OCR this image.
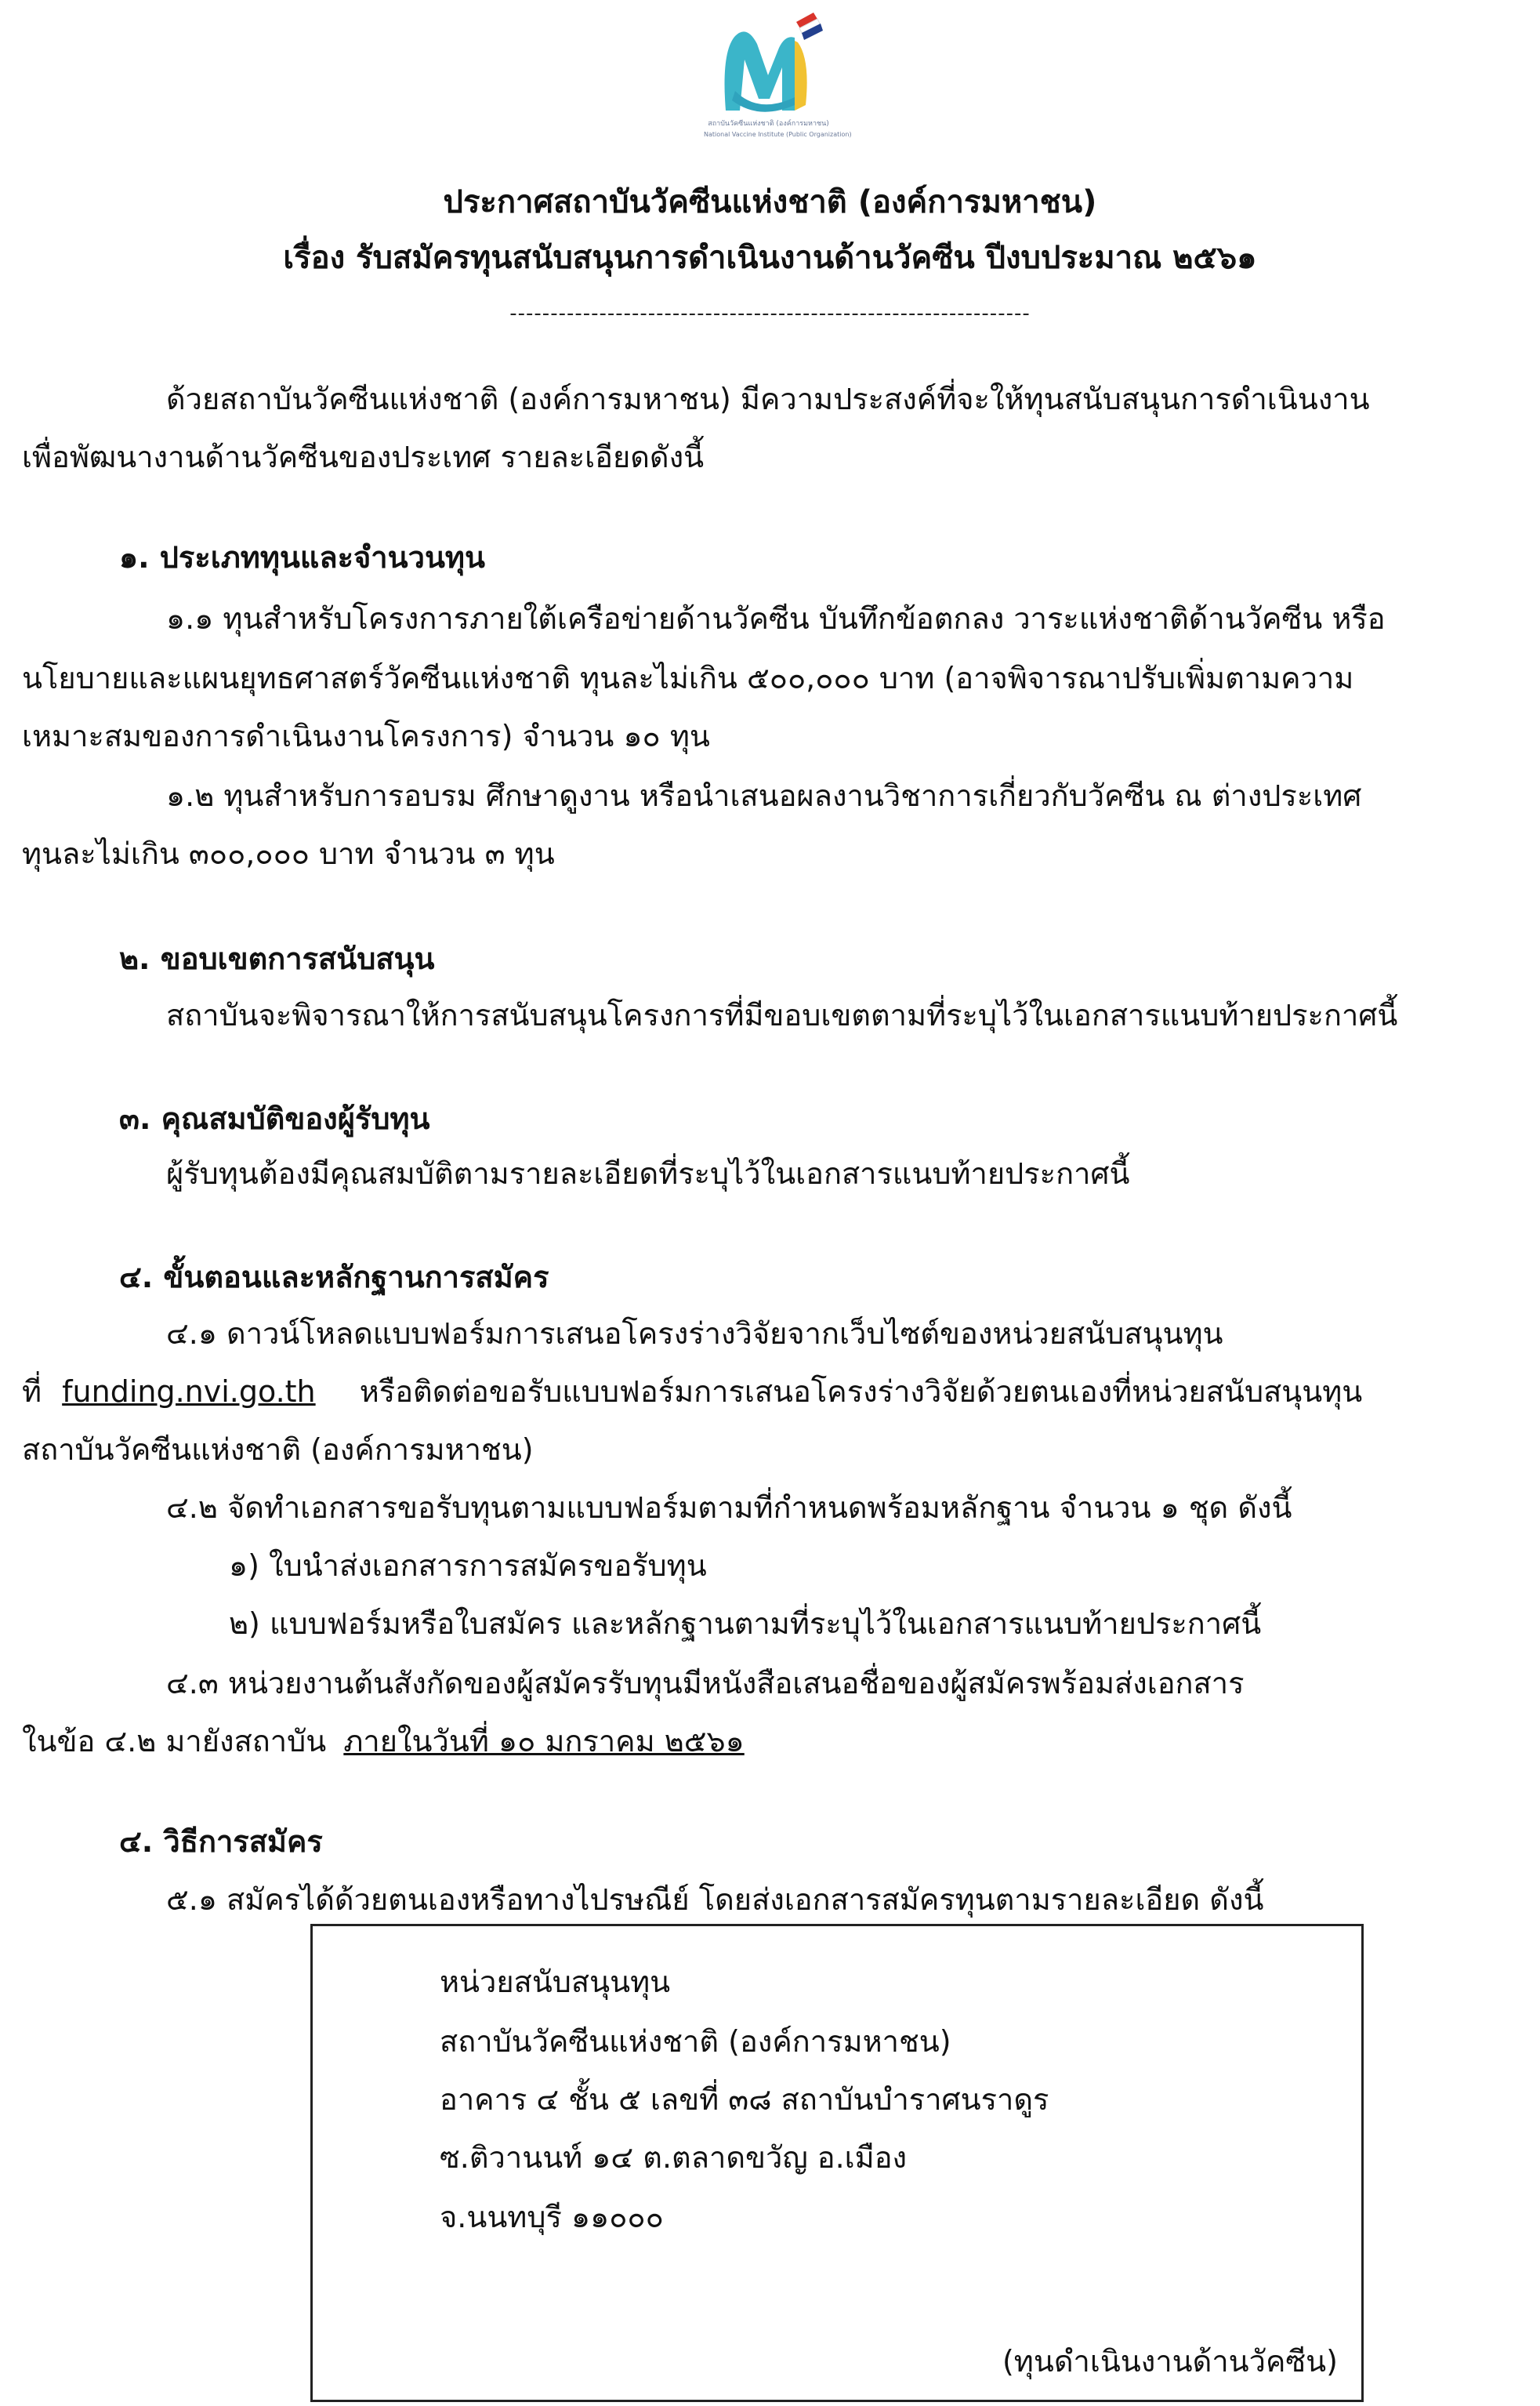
สถาบันวัคซีนแห่งชาติ (องค์การมหาชน)
National Vaccine Institute (Public Organization)
ประกาศสถาบันวัคซีนแห่งชาติ (องค์การมหาชน)
เรื่อง รับสมัครทุนสนับสนุนการดำเนินงานด้านวัคซีน ปีงบประมาณ ๒๕๖๑
----------------------------------------------------------------
ด้วยสถาบันวัคซีนแห่งชาติ (องค์การมหาชน) มีความประสงค์ที่จะให้ทุนสนับสนุนการดำเนินงาน
เพื่อพัฒนางานด้านวัคซีนของประเทศ รายละเอียดดังนี้
๑. ประเภททุนและจำนวนทุน
๑.๑ ทุนสำหรับโครงการภายใต้เครือข่ายด้านวัคซีน บันทึกข้อตกลง วาระแห่งชาติด้านวัคซีน หรือ
นโยบายและแผนยุทธศาสตร์วัคซีนแห่งชาติ ทุนละไม่เกิน ๕๐๐,๐๐๐ บาท (อาจพิจารณาปรับเพิ่มตามความ
เหมาะสมของการดำเนินงานโครงการ) จำนวน ๑๐ ทุน
๑.๒ ทุนสำหรับการอบรม ศึกษาดูงาน หรือนำเสนอผลงานวิชาการเกี่ยวกับวัคซีน ณ ต่างประเทศ
ทุนละไม่เกิน ๓๐๐,๐๐๐ บาท จำนวน ๓ ทุน
๒. ขอบเขตการสนับสนุน
สถาบันจะพิจารณาให้การสนับสนุนโครงการที่มีขอบเขตตามที่ระบุไว้ในเอกสารแนบท้ายประกาศนี้
๓. คุณสมบัติของผู้รับทุน
ผู้รับทุนต้องมีคุณสมบัติตามรายละเอียดที่ระบุไว้ในเอกสารแนบท้ายประกาศนี้
๔. ขั้นตอนและหลักฐานการสมัคร
๔.๑ ดาวน์โหลดแบบฟอร์มการเสนอโครงร่างวิจัยจากเว็บไซต์ของหน่วยสนับสนุนทุน
ที่ funding.nvi.go.th หรือติดต่อขอรับแบบฟอร์มการเสนอโครงร่างวิจัยด้วยตนเองที่หน่วยสนับสนุนทุน
สถาบันวัคซีนแห่งชาติ (องค์การมหาชน)
๔.๒ จัดทำเอกสารขอรับทุนตามแบบฟอร์มตามที่กำหนดพร้อมหลักฐาน จำนวน ๑ ชุด ดังนี้
๑) ใบนำส่งเอกสารการสมัครขอรับทุน
๒) แบบฟอร์มหรือใบสมัคร และหลักฐานตามที่ระบุไว้ในเอกสารแนบท้ายประกาศนี้
๔.๓ หน่วยงานต้นสังกัดของผู้สมัครรับทุนมีหนังสือเสนอชื่อของผู้สมัครพร้อมส่งเอกสาร
ในข้อ ๔.๒ มายังสถาบัน ภายในวันที่ ๑๐ มกราคม ๒๕๖๑
๔. วิธีการสมัคร
๕.๑ สมัครได้ด้วยตนเองหรือทางไปรษณีย์ โดยส่งเอกสารสมัครทุนตามรายละเอียด ดังนี้
หน่วยสนับสนุนทุน
สถาบันวัคซีนแห่งชาติ (องค์การมหาชน)
อาคาร ๔ ชั้น ๕ เลขที่ ๓๘ สถาบันบำราศนราดูร
ซ.ติวานนท์ ๑๔ ต.ตลาดขวัญ อ.เมือง
จ.นนทบุรี ๑๑๐๐๐
(ทุนดำเนินงานด้านวัคซีน)
